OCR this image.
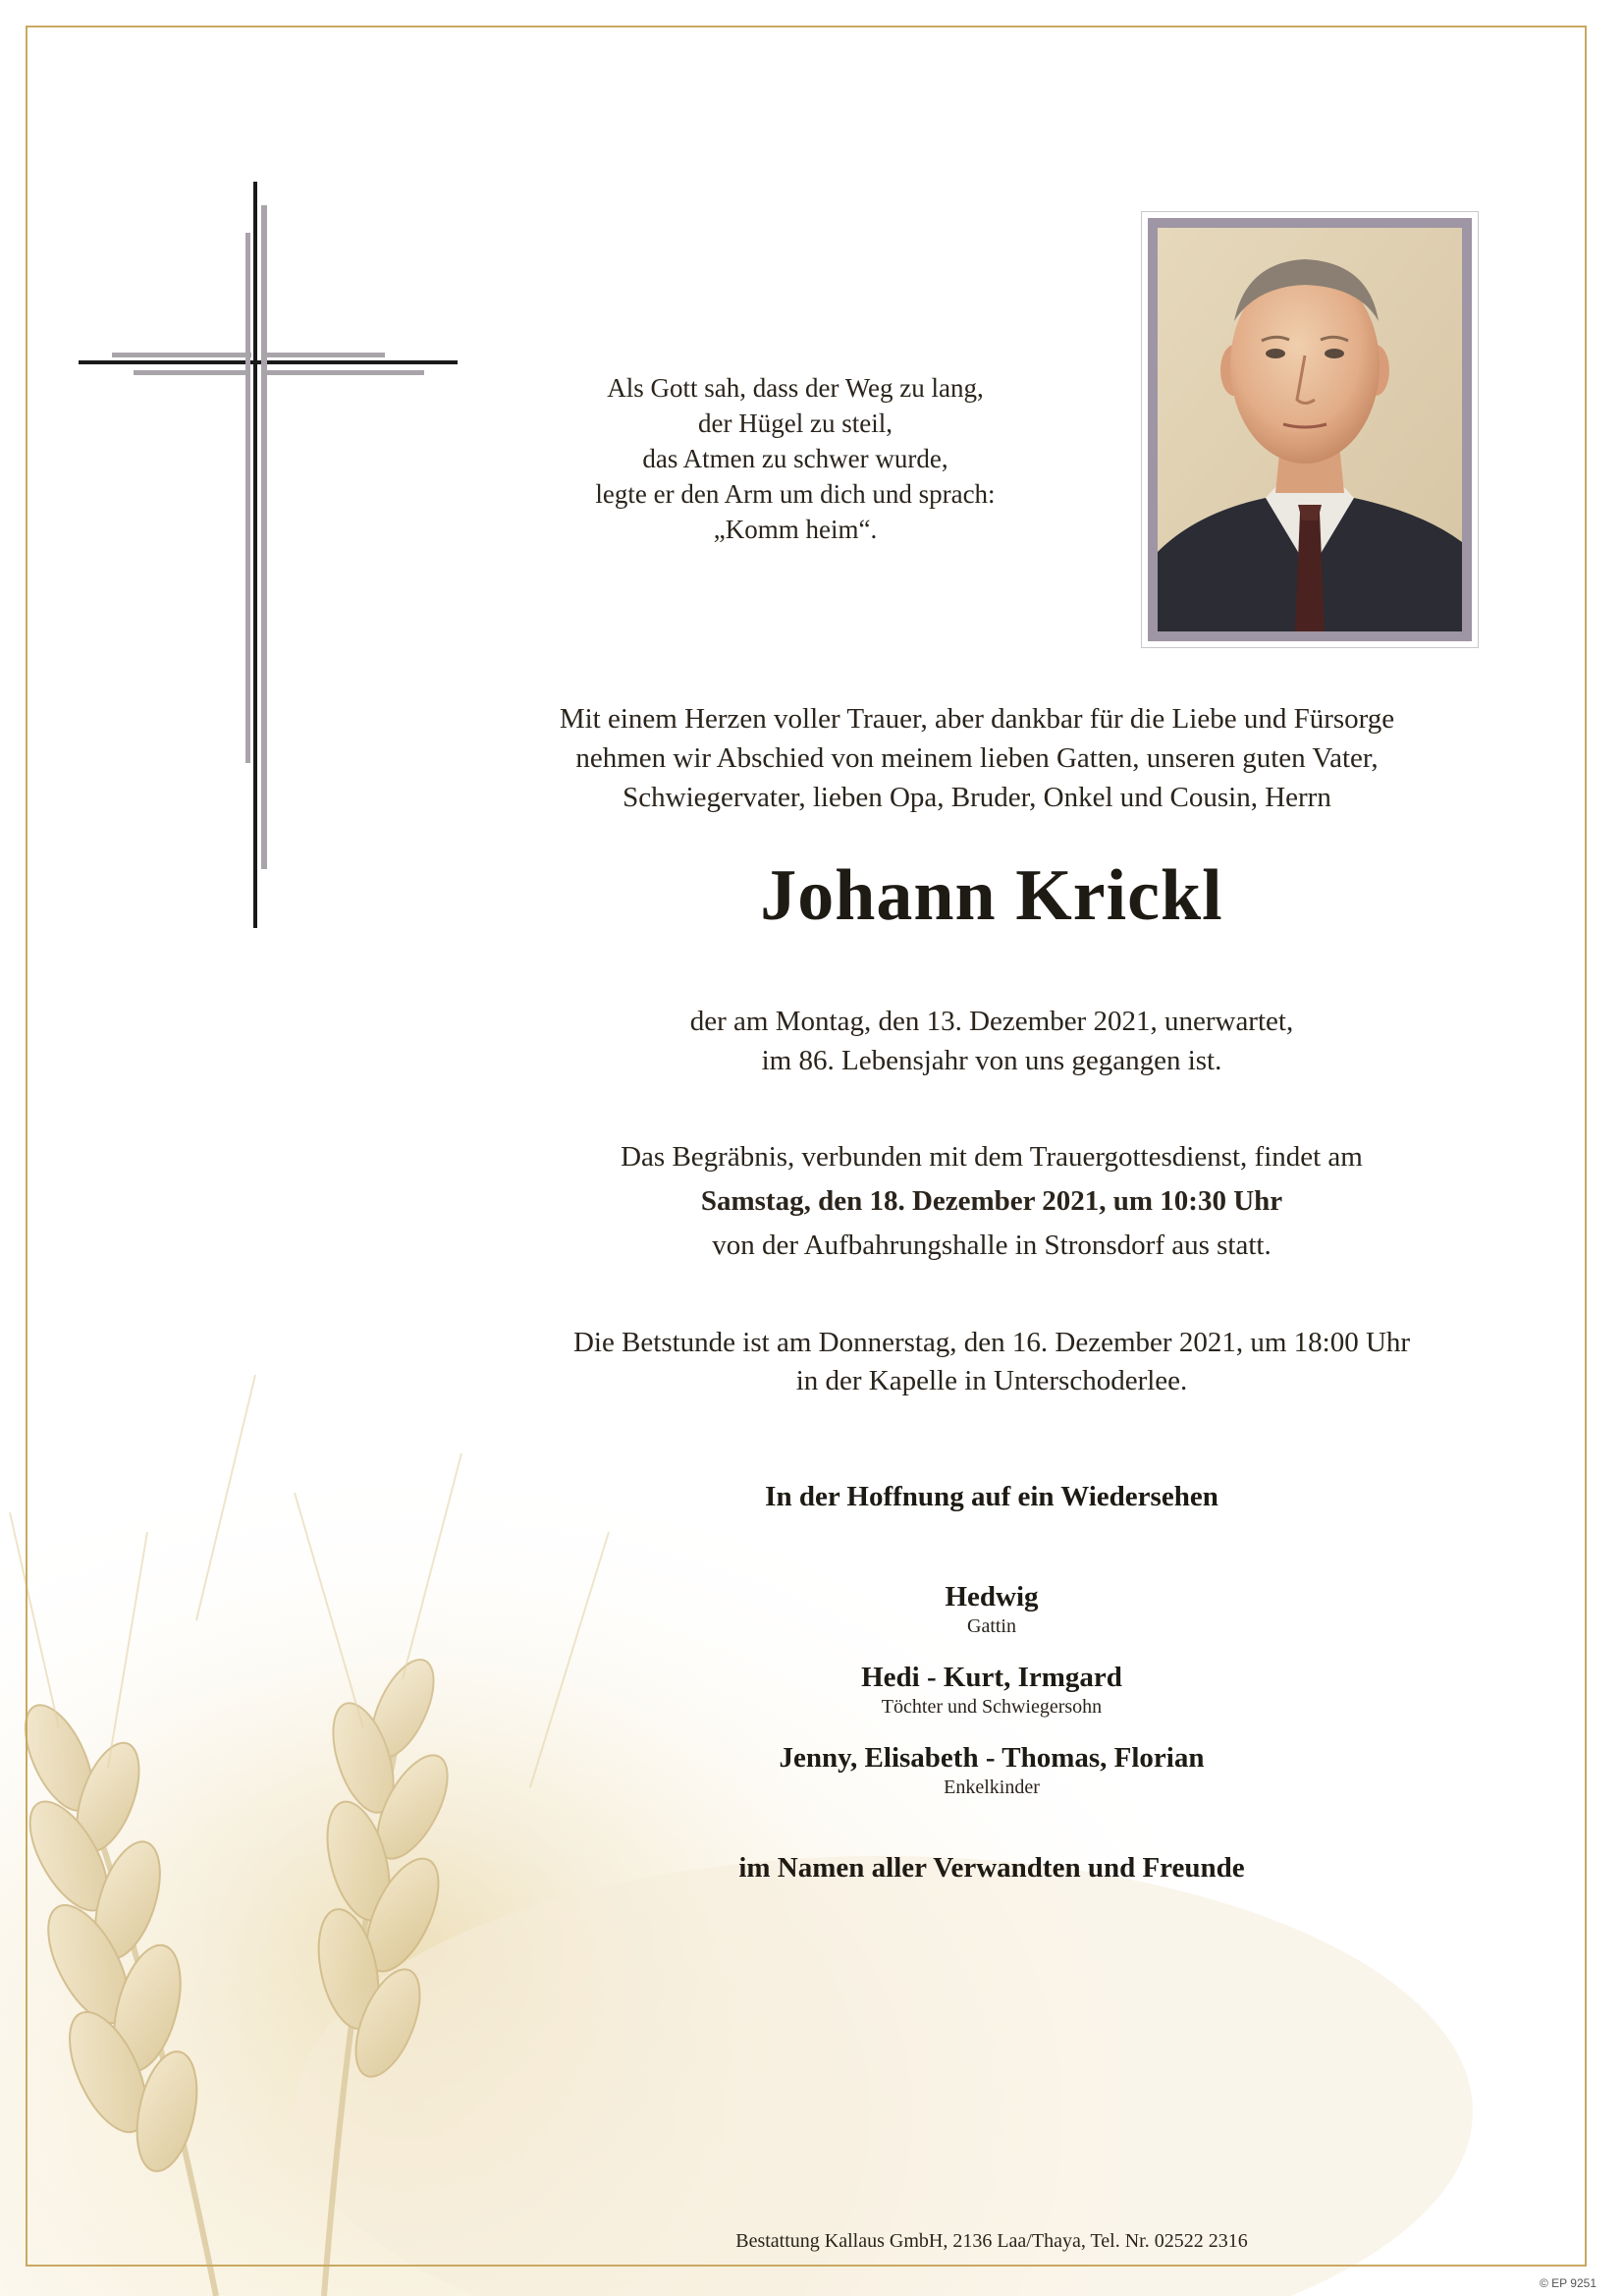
Als Gott sah, dass der Weg zu lang,
der Hügel zu steil,
das Atmen zu schwer wurde,
legte er den Arm um dich und sprach:
„Komm heim“.
Mit einem Herzen voller Trauer, aber dankbar für die Liebe und Fürsorge
nehmen wir Abschied von meinem lieben Gatten, unseren guten Vater,
Schwiegervater, lieben Opa, Bruder, Onkel und Cousin, Herrn
Johann Krickl
der am Montag, den 13. Dezember 2021, unerwartet,
im 86. Lebensjahr von uns gegangen ist.
Das Begräbnis, verbunden mit dem Trauergottesdienst, findet am
Samstag, den 18. Dezember 2021, um 10:30 Uhr
von der Aufbahrungshalle in Stronsdorf aus statt.
Die Betstunde ist am Donnerstag, den 16. Dezember 2021, um 18:00 Uhr
in der Kapelle in Unterschoderlee.
In der Hoffnung auf ein Wiedersehen
Hedwig
Gattin
Hedi - Kurt, Irmgard
Töchter und Schwiegersohn
Jenny, Elisabeth - Thomas, Florian
Enkelkinder
im Namen aller Verwandten und Freunde
Bestattung Kallaus GmbH, 2136 Laa/Thaya, Tel. Nr. 02522 2316
© EP 9251
